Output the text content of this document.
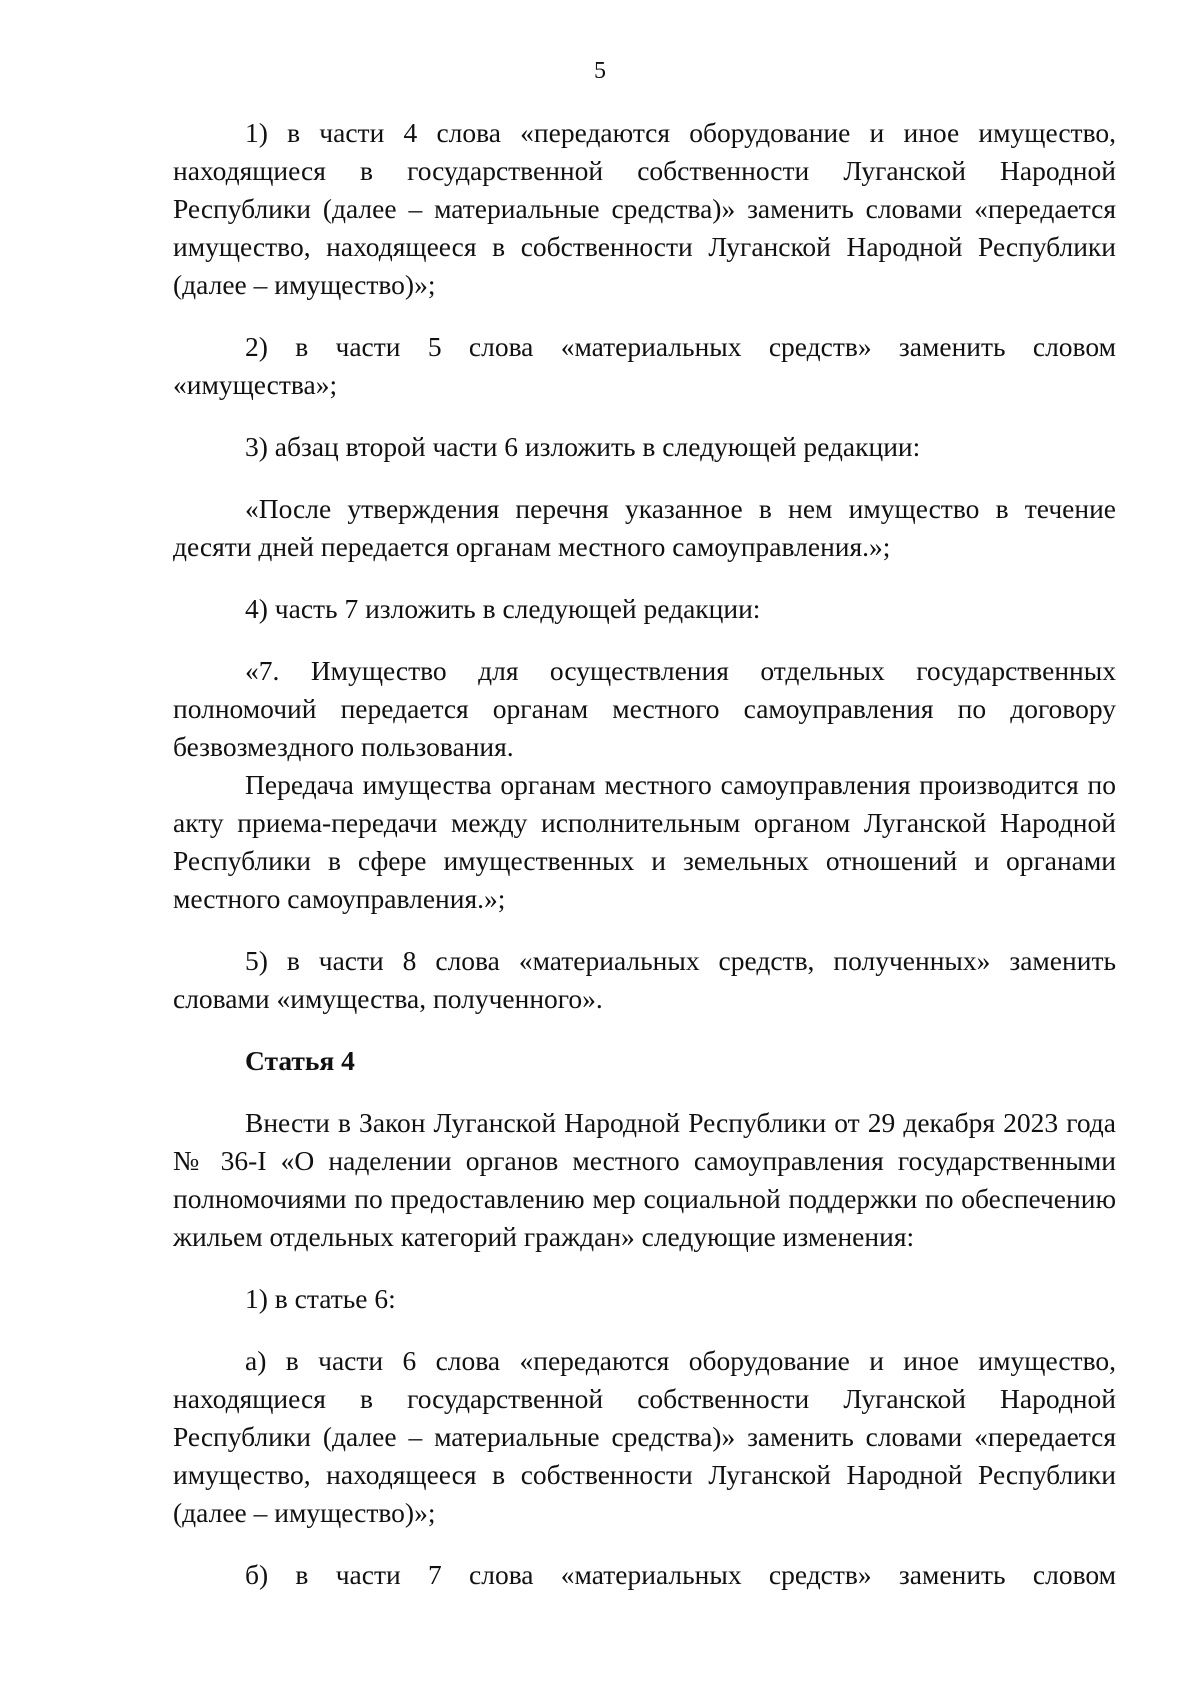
5

1) в части 4 слова «передаются оборудование и иное имущество, находящиеся в государственной собственности Луганской Народной Республики (далее – материальные средства)» заменить словами «передается имущество, находящееся в собственности Луганской Народной Республики (далее – имущество)»;

2) в части 5 слова «материальных средств» заменить словом «имущества»;

3) абзац второй части 6 изложить в следующей редакции:

«После утверждения перечня указанное в нем имущество в течение десяти дней передается органам местного самоуправления.»;

4) часть 7 изложить в следующей редакции:

«7. Имущество для осуществления отдельных государственных полномочий передается органам местного самоуправления по договору безвозмездного пользования.

Передача имущества органам местного самоуправления производится по акту приема-передачи между исполнительным органом Луганской Народной Республики в сфере имущественных и земельных отношений и органами местного самоуправления.»;

5) в части 8 слова «материальных средств, полученных» заменить словами «имущества, полученного».

Статья 4

Внести в Закон Луганской Народной Республики от 29 декабря 2023 года № 36-I «О наделении органов местного самоуправления государственными полномочиями по предоставлению мер социальной поддержки по обеспечению жильем отдельных категорий граждан» следующие изменения:

1) в статье 6:

а) в части 6 слова «передаются оборудование и иное имущество, находящиеся в государственной собственности Луганской Народной Республики (далее – материальные средства)» заменить словами «передается имущество, находящееся в собственности Луганской Народной Республики (далее – имущество)»;

б) в части 7 слова «материальных средств» заменить словом
